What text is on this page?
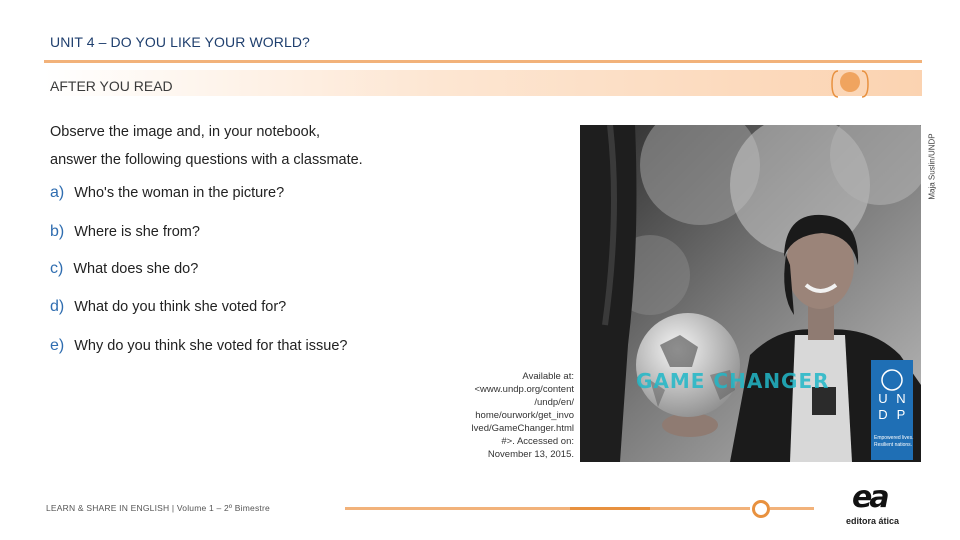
UNIT 4 – DO YOU LIKE YOUR WORLD?
AFTER YOU READ
Observe the image and, in your notebook,
answer the following questions with a classmate.
a) Who's the woman in the picture?
b) Where is she from?
c) What does she do?
d) What do you think she voted for?
e) Why do you think she voted for that issue?
GAME CHANGER
U N
D P
Empowered lives.
Resilient nations.
Maja Suslin/UNDP
Available at:
<www.undp.org/content
/undp/en/
home/ourwork/get_invo
lved/GameChanger.html
#>. Accessed on:
November 13, 2015.
LEARN & SHARE IN ENGLISH | Volume 1 – 2º Bimestre	ea
editora ática
